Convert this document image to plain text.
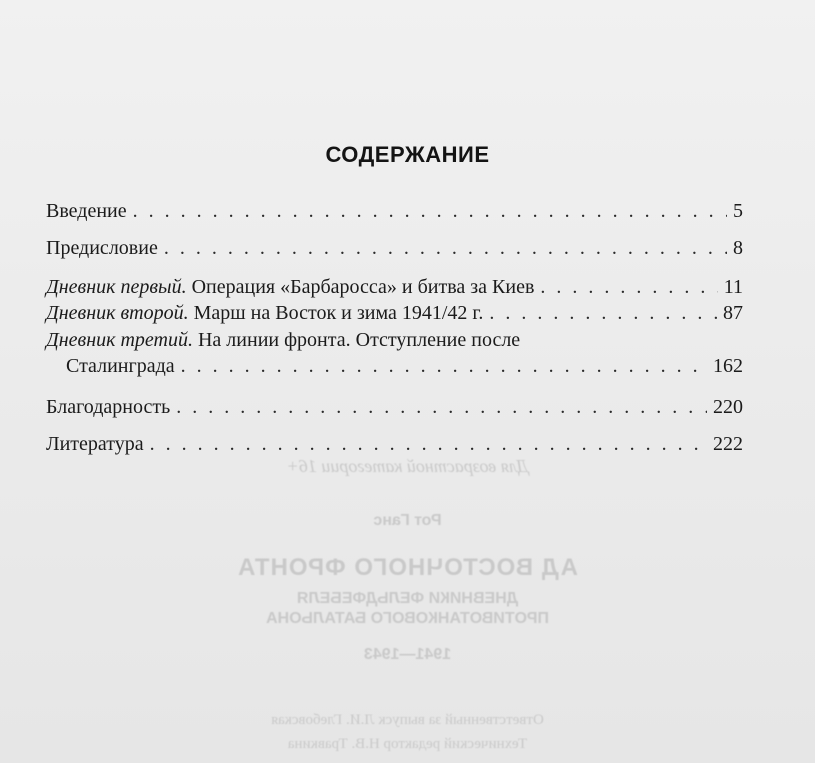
Для возрастной категории 16+
Рот Ганс
АД ВОСТОЧНОГО ФРОНТА
ДНЕВНИКИ ФЕЛЬДФЕБЕЛЯ
ПРОТИВОТАНКОВОГО БАТАЛЬОНА
1941—1943
Ответственный за выпуск Л.И. Глебовская
Технический редактор Н.В. Травкина
СОДЕРЖАНИЕ
Введение . . .	5
Предисловие . . .	8
Дневник первый. Операция «Барбаросса» и битва за Киев . . .	11
Дневник второй. Марш на Восток и зима 1941/42 г. . . .	87
Дневник третий. На линии фронта. Отступление после
Сталинграда . . .	162
Благодарность . . .	220
Литература . . .	222
